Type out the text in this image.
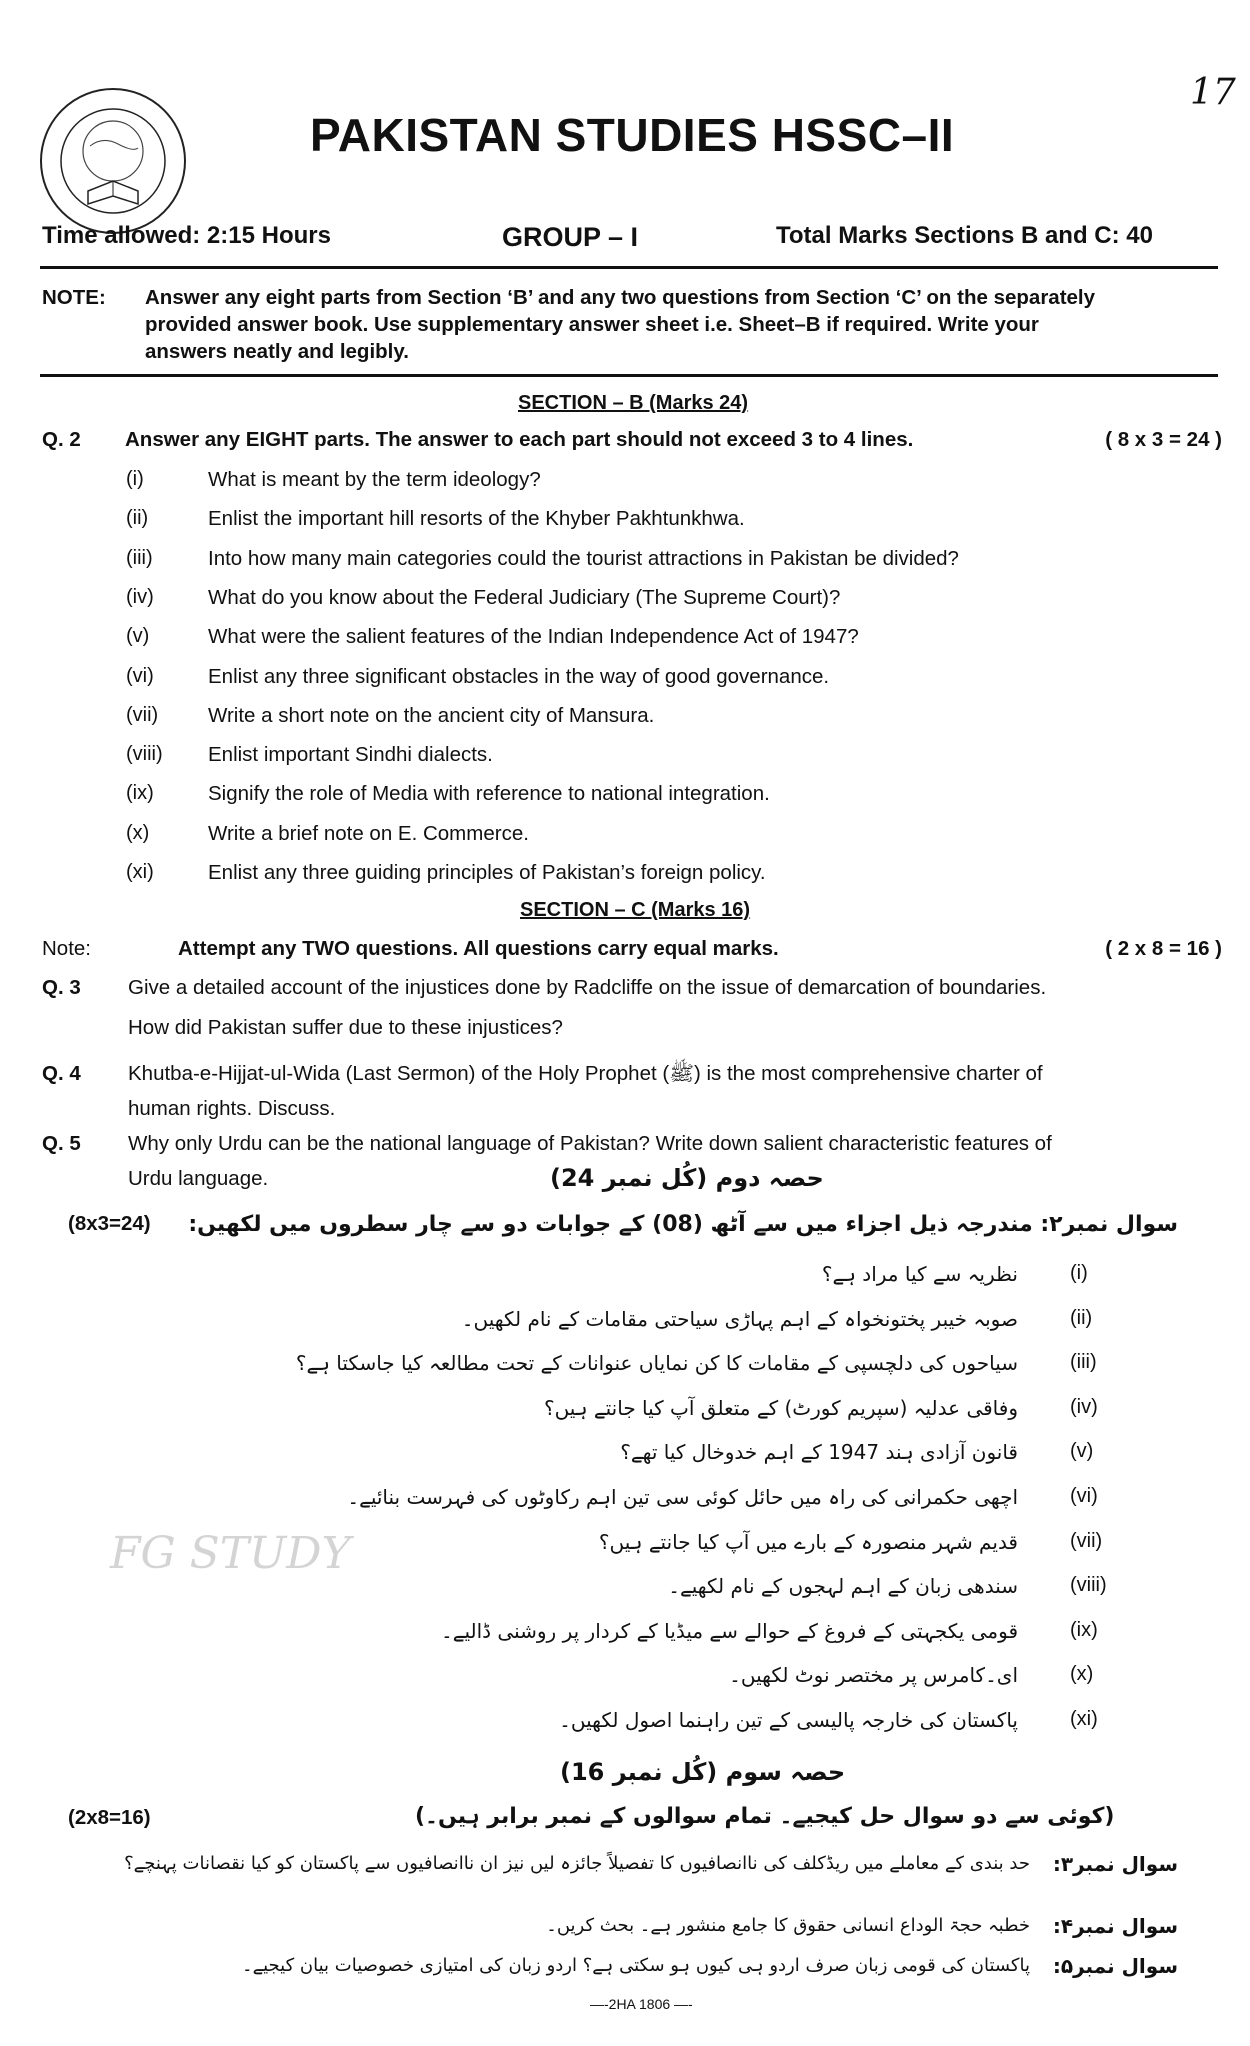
PAKISTAN STUDIES HSSC–II
17
Time allowed: 2:15 Hours	GROUP – I	Total Marks Sections B and C: 40
NOTE: Answer any eight parts from Section ‘B’ and any two questions from Section ‘C’ on the separately
provided answer book. Use supplementary answer sheet i.e. Sheet–B if required. Write your
answers neatly and legibly.
SECTION – B (Marks 24)
Q. 2 Answer any EIGHT parts. The answer to each part should not exceed 3 to 4 lines.	( 8 x 3 = 24 )
(i)	What is meant by the term ideology?
(ii)	Enlist the important hill resorts of the Khyber Pakhtunkhwa.
(iii)	Into how many main categories could the tourist attractions in Pakistan be divided?
(iv)	What do you know about the Federal Judiciary (The Supreme Court)?
(v)	What were the salient features of the Indian Independence Act of 1947?
(vi)	Enlist any three significant obstacles in the way of good governance.
(vii) Write a short note on the ancient city of Mansura.
(viii) Enlist important Sindhi dialects.
(ix)	Signify the role of Media with reference to national integration.
(x)	Write a brief note on E. Commerce.
(xi)	Enlist any three guiding principles of Pakistan’s foreign policy.
SECTION – C (Marks 16)
Note:	Attempt any TWO questions. All questions carry equal marks.	( 2 x 8 = 16 )
Q. 3 Give a detailed account of the injustices done by Radcliffe on the issue of demarcation of boundaries.
How did Pakistan suffer due to these injustices?
Q. 4 Khutba-e-Hijjat-ul-Wida (Last Sermon) of the Holy Prophet (ﷺ) is the most comprehensive charter of
human rights. Discuss.
Q. 5 Why only Urdu can be the national language of Pakistan? Write down salient characteristic features of
Urdu language.
(8x3=24)
حصہ دوم (کُل نمبر 24)
سوال نمبر۲: مندرجہ ذیل اجزاء میں سے آٹھ (08) کے جوابات دو سے چار سطروں میں لکھیں:
(i)
نظریہ سے کیا مراد ہے؟
(ii)
صوبہ خیبر پختونخواہ کے اہم پہاڑی سیاحتی مقامات کے نام لکھیں۔
(iii)
سیاحوں کی دلچسپی کے مقامات کا کن نمایاں عنوانات کے تحت مطالعہ کیا جاسکتا ہے؟
(iv)
وفاقی عدلیہ (سپریم کورٹ) کے متعلق آپ کیا جانتے ہیں؟
(v)
قانون آزادی ہند 1947 کے اہم خدوخال کیا تھے؟
(vi)
اچھی حکمرانی کی راہ میں حائل کوئی سی تین اہم رکاوٹوں کی فہرست بنائیے۔
(vii)
قدیم شہر منصورہ کے بارے میں آپ کیا جانتے ہیں؟
(viii)
سندھی زبان کے اہم لہجوں کے نام لکھیے۔
(ix)
قومی یکجہتی کے فروغ کے حوالے سے میڈیا کے کردار پر روشنی ڈالیے۔
(x)
ای۔کامرس پر مختصر نوٹ لکھیں۔
(xi)
پاکستان کی خارجہ پالیسی کے تین راہنما اصول لکھیں۔
FG STUDY
حصہ سوم (کُل نمبر 16)
(2x8=16)	(کوئی سے دو سوال حل کیجیے۔ تمام سوالوں کے نمبر برابر ہیں۔)
سوال نمبر۳:
حد بندی کے معاملے میں ریڈکلف کی ناانصافیوں کا تفصیلاً جائزہ لیں نیز ان ناانصافیوں سے پاکستان کو کیا نقصانات پہنچے؟
سوال نمبر۴:
خطبہ حجۃ الوداع انسانی حقوق کا جامع منشور ہے۔ بحث کریں۔
سوال نمبر۵:
پاکستان کی قومی زبان صرف اردو ہی کیوں ہو سکتی ہے؟ اردو زبان کی امتیازی خصوصیات بیان کیجیے۔
—-2HA 1806 —-
